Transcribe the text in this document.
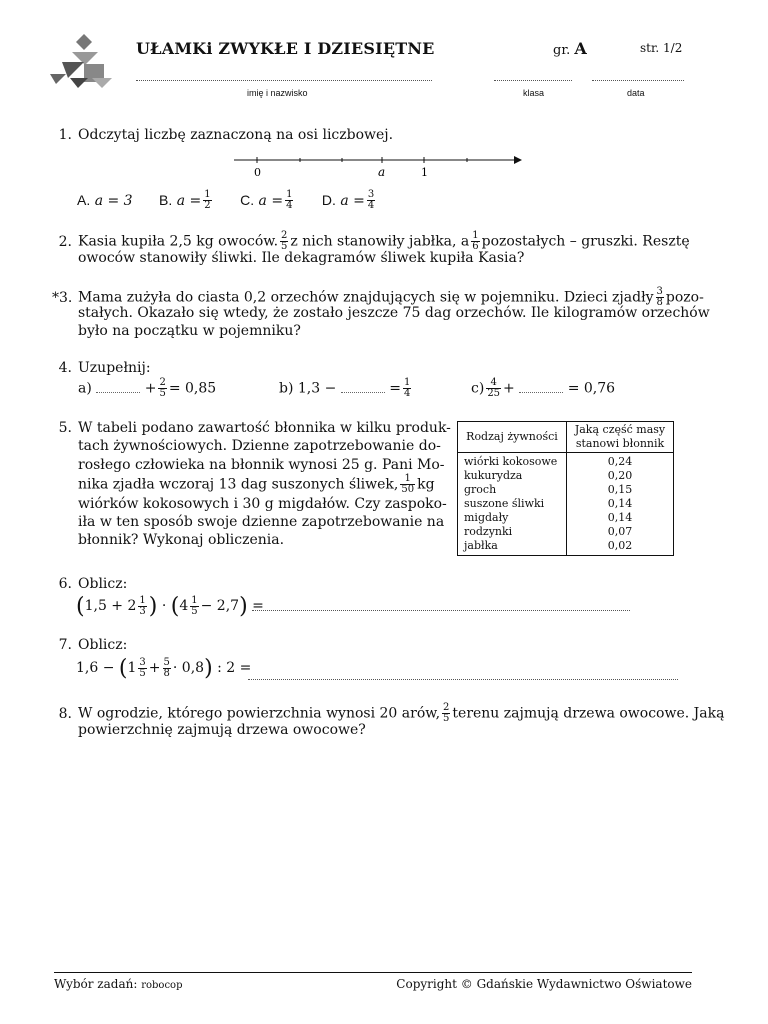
UŁAMKi ZWYKŁE I DZIESIĘTNE	gr. A	str. 1/2
imię i nazwisko	klasa	data
1. Odczytaj liczbę zaznaczoną na osi liczbowej.
0	a	1
A. a = 3 B. $a = \frac{1}{2} C$. $a = \frac{1}{4} D$. $a = \frac{3}{4}$
2. Kasia kupiła 2,5 kg owoców. $\frac{2}{5}$ z nich stanowiły jabłka, a $\frac{1}{6}$ pozostałych – gruszki. Resztę
owoców stanowiły śliwki. Ile dekagramów śliwek kupiła Kasia?
*3. Mama zużyła do ciasta 0,2 orzechów znajdujących się w pojemniku. Dzieci zjadły $\frac{3}{8}$ pozo-
stałych. Okazało się wtedy, że zostało jeszcze 75 dag orzechów. Ile kilogramów orzechów
było na początku w pojemniku?
4. Uzupełnij:
a)	+ $\frac{2}{5} = 0,85$	b) 1,3 −	= $\frac{1}{4}$	$c) \frac{4}{25}$ +	= 0,76
5. W tabeli podano zawartość błonnika w kilku produk-
tach żywnościowych. Dzienne zapotrzebowanie do-
rosłego człowieka na błonnik wynosi 25 g. Pani Mo-
nika zjadła wczoraj 13 dag suszonych śliwek, $\frac{1}{50}$ kg
wiórków kokosowych i 30 g migdałów. Czy zaspoko-
iła w ten sposób swoje dzienne zapotrzebowanie na
błonnik? Wykonaj obliczenia.
Rodzaj żywności	Jaką część masy
stanowi błonnik
wiórki kokosowe	0,24
kukurydza	0,20
groch	0,15
suszone śliwki	0,14
migdały	0,14
rodzynki	0,07
jabłka	0,02
6. Oblicz:
($1,5 + 2 \frac{1}{3}$ ) · $(4 \frac{1}{5} - 2,7)$ =
7. Oblicz:
$1,6 - (1 \frac{3}{5} + \frac{5}{8} \cdot 0,8)$ : 2 =
8. W ogrodzie, którego powierzchnia wynosi 20 arów, $\frac{2}{5}$ terenu zajmują drzewa owocowe. Jaką
powierzchnię zajmują drzewa owocowe?
Wybór zadań: robocop	Copyright © Gdańskie Wydawnictwo Oświatowe
